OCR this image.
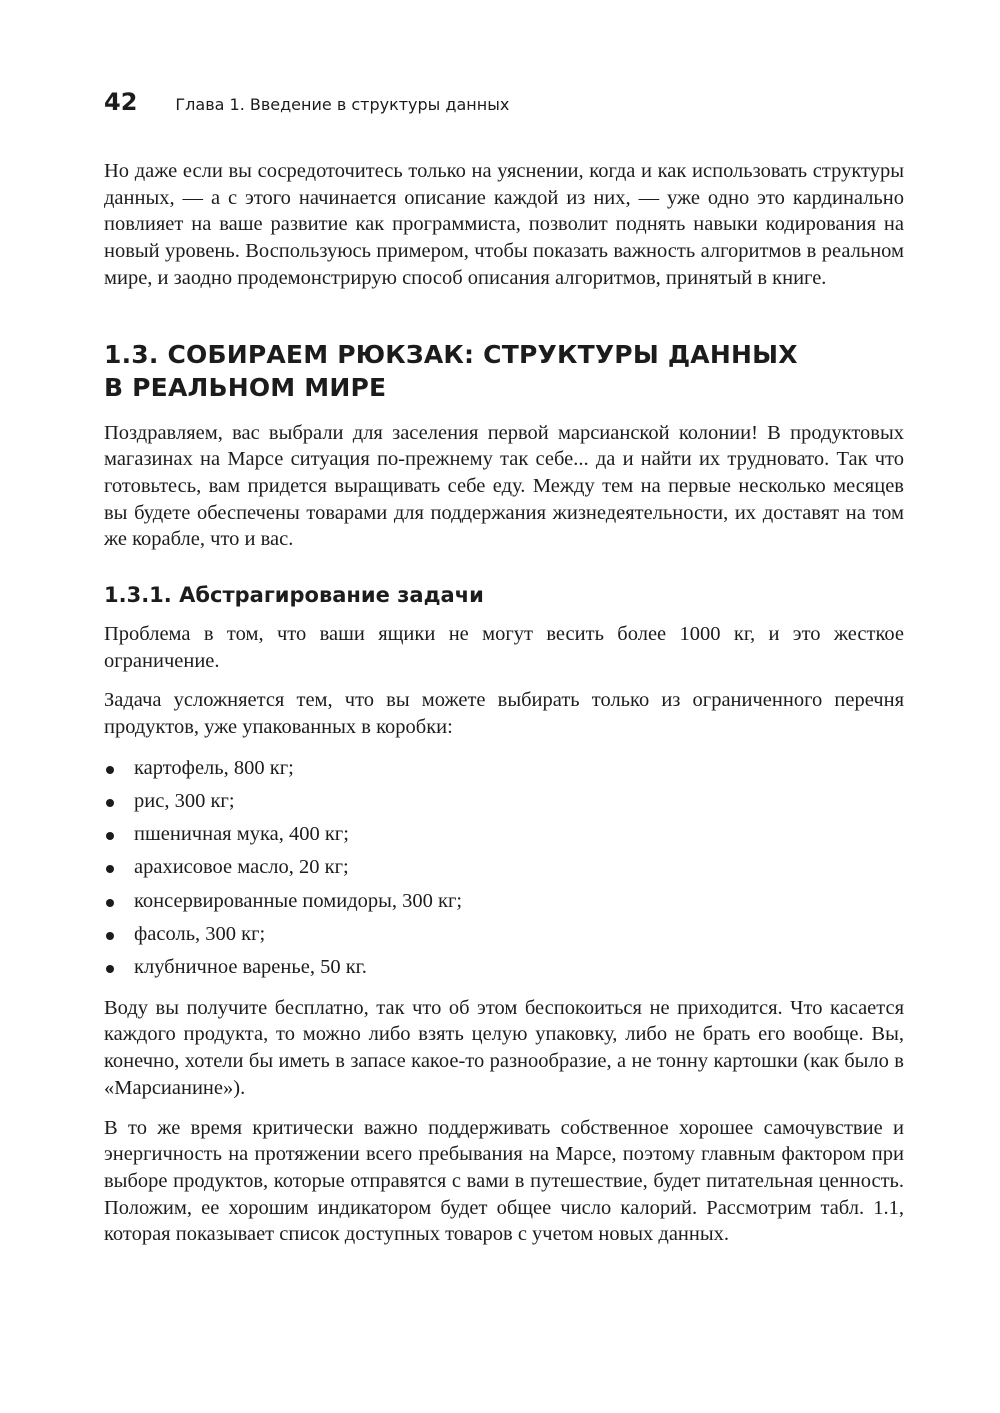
42 Глава 1. Введение в структуры данных

Но даже если вы сосредоточитесь только на уяснении, когда и как использовать структуры данных, — а с этого начинается описание каждой из них, — уже одно это кардинально повлияет на ваше развитие как программиста, позволит поднять навыки кодирования на новый уровень. Воспользуюсь примером, чтобы показать важность алгоритмов в реальном мире, и заодно продемонстрирую способ описания алгоритмов, принятый в книге.

1.3. СОБИРАЕМ РЮКЗАК: СТРУКТУРЫ ДАННЫХ
В РЕАЛЬНОМ МИРЕ

Поздравляем, вас выбрали для заселения первой марсианской колонии! В продуктовых магазинах на Марсе ситуация по-прежнему так себе... да и найти их трудновато. Так что готовьтесь, вам придется выращивать себе еду. Между тем на первые несколько месяцев вы будете обеспечены товарами для поддержания жизнедеятельности, их доставят на том же корабле, что и вас.

1.3.1. Абстрагирование задачи

Проблема в том, что ваши ящики не могут весить более 1000 кг, и это жесткое ограничение.

Задача усложняется тем, что вы можете выбирать только из ограниченного перечня продуктов, уже упакованных в коробки:

картофель, 800 кг;
рис, 300 кг;
пшеничная мука, 400 кг;
арахисовое масло, 20 кг;
консервированные помидоры, 300 кг;
фасоль, 300 кг;
клубничное варенье, 50 кг.

Воду вы получите бесплатно, так что об этом беспокоиться не приходится. Что касается каждого продукта, то можно либо взять целую упаковку, либо не брать его вообще. Вы, конечно, хотели бы иметь в запасе какое-то разнообразие, а не тонну картошки (как было в «Марсианине»).

В то же время критически важно поддерживать собственное хорошее самочувствие и энергичность на протяжении всего пребывания на Марсе, поэтому главным фактором при выборе продуктов, которые отправятся с вами в путешествие, будет питательная ценность. Положим, ее хорошим индикатором будет общее число калорий. Рассмотрим табл. 1.1, которая показывает список доступных товаров с учетом новых данных.
